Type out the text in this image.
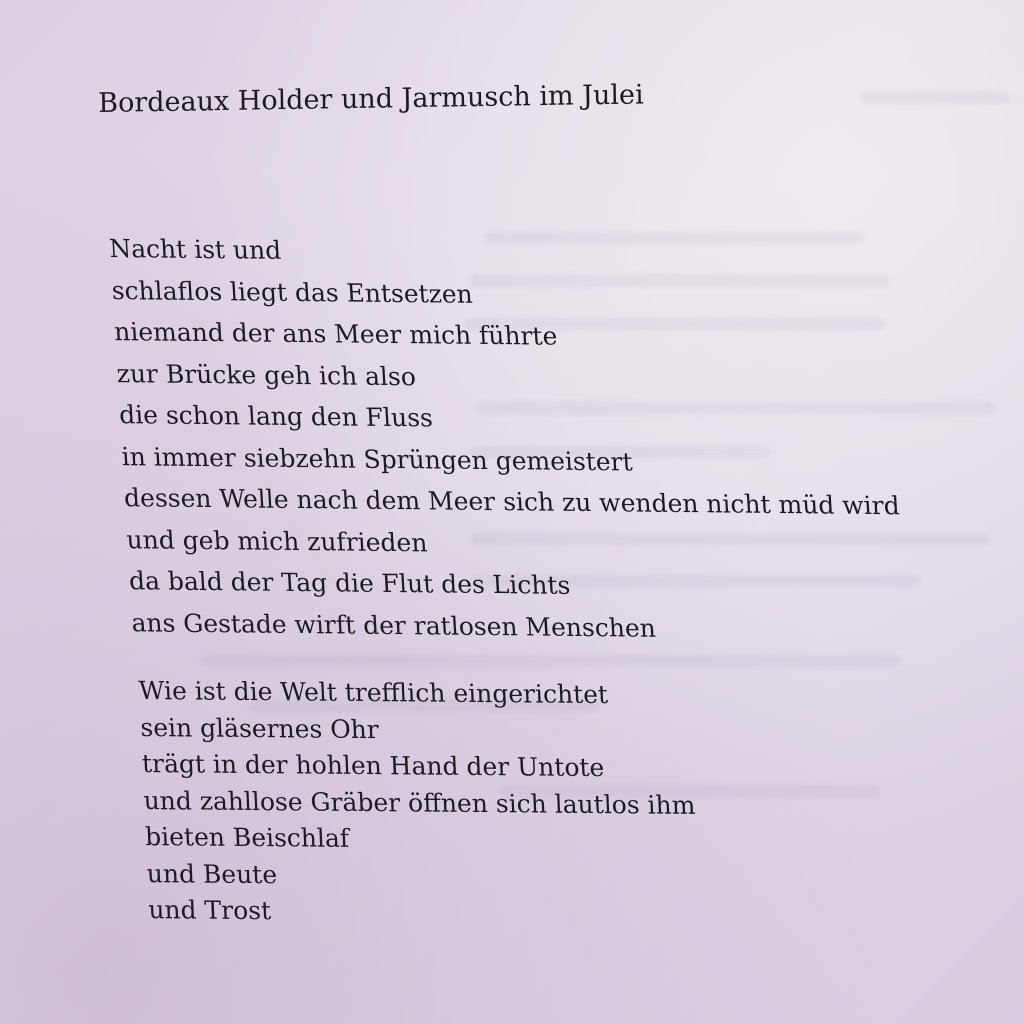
Bordeaux Holder und Jarmusch im Julei

Nacht ist und
schlaflos liegt das Entsetzen
niemand der ans Meer mich führte
zur Brücke geh ich also
die schon lang den Fluss
in immer siebzehn Sprüngen gemeistert
dessen Welle nach dem Meer sich zu wenden nicht müd wird
und geb mich zufrieden
da bald der Tag die Flut des Lichts
ans Gestade wirft der ratlosen Menschen

Wie ist die Welt trefflich eingerichtet
sein gläsernes Ohr
trägt in der hohlen Hand der Untote
und zahllose Gräber öffnen sich lautlos ihm
bieten Beischlaf
und Beute
und Trost
